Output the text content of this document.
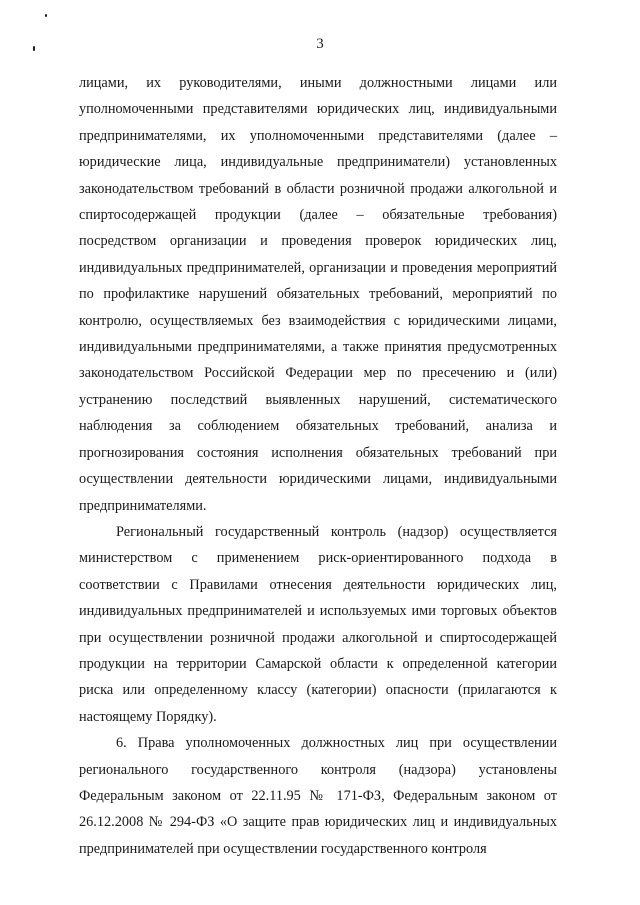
3

лицами, их руководителями, иными должностными лицами или уполномоченными представителями юридических лиц, индивидуальными предпринимателями, их уполномоченными представителями (далее – юридические лица, индивидуальные предприниматели) установленных законодательством требований в области розничной продажи алкогольной и спиртосодержащей продукции (далее – обязательные требования) посредством организации и проведения проверок юридических лиц, индивидуальных предпринимателей, организации и проведения мероприятий по профилактике нарушений обязательных требований, мероприятий по контролю, осуществляемых без взаимодействия с юридическими лицами, индивидуальными предпринимателями, а также принятия предусмотренных законодательством Российской Федерации мер по пресечению и (или) устранению последствий выявленных нарушений, систематического наблюдения за соблюдением обязательных требований, анализа и прогнозирования состояния исполнения обязательных требований при осуществлении деятельности юридическими лицами, индивидуальными предпринимателями.

Региональный государственный контроль (надзор) осуществляется министерством с применением риск-ориентированного подхода в соответствии с Правилами отнесения деятельности юридических лиц, индивидуальных предпринимателей и используемых ими торговых объектов при осуществлении розничной продажи алкогольной и спиртосодержащей продукции на территории Самарской области к определенной категории риска или определенному классу (категории) опасности (прилагаются к настоящему Порядку).

6. Права уполномоченных должностных лиц при осуществлении регионального государственного контроля (надзора) установлены Федеральным законом от 22.11.95 № 171-ФЗ, Федеральным законом от 26.12.2008 № 294-ФЗ «О защите прав юридических лиц и индивидуальных предпринимателей при осуществлении государственного контроля
